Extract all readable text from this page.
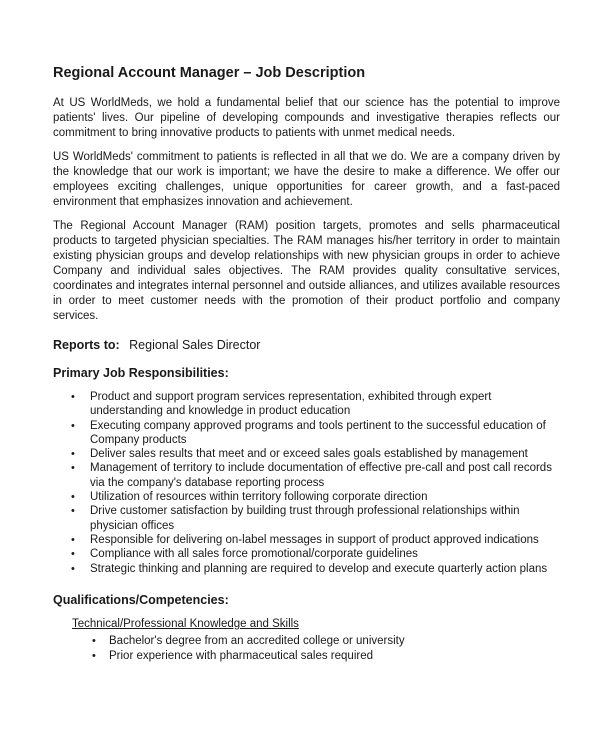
Regional Account Manager – Job Description

At US WorldMeds, we hold a fundamental belief that our science has the potential to improve patients' lives. Our pipeline of developing compounds and investigative therapies reflects our commitment to bring innovative products to patients with unmet medical needs.

US WorldMeds' commitment to patients is reflected in all that we do. We are a company driven by the knowledge that our work is important; we have the desire to make a difference. We offer our employees exciting challenges, unique opportunities for career growth, and a fast-paced environment that emphasizes innovation and achievement.

The Regional Account Manager (RAM) position targets, promotes and sells pharmaceutical products to targeted physician specialties. The RAM manages his/her territory in order to maintain existing physician groups and develop relationships with new physician groups in order to achieve Company and individual sales objectives. The RAM provides quality consultative services, coordinates and integrates internal personnel and outside alliances, and utilizes available resources in order to meet customer needs with the promotion of their product portfolio and company services.

Reports to: Regional Sales Director
Primary Job Responsibilities:
• Product and support program services representation, exhibited through expert understanding and knowledge in product education
• Executing company approved programs and tools pertinent to the successful education of Company products
• Deliver sales results that meet and or exceed sales goals established by management
• Management of territory to include documentation of effective pre-call and post call records via the company's database reporting process
• Utilization of resources within territory following corporate direction
• Drive customer satisfaction by building trust through professional relationships within physician offices
• Responsible for delivering on-label messages in support of product approved indications
• Compliance with all sales force promotional/corporate guidelines
• Strategic thinking and planning are required to develop and execute quarterly action plans
Qualifications/Competencies:
Technical/Professional Knowledge and Skills
• Bachelor's degree from an accredited college or university
• Prior experience with pharmaceutical sales required
